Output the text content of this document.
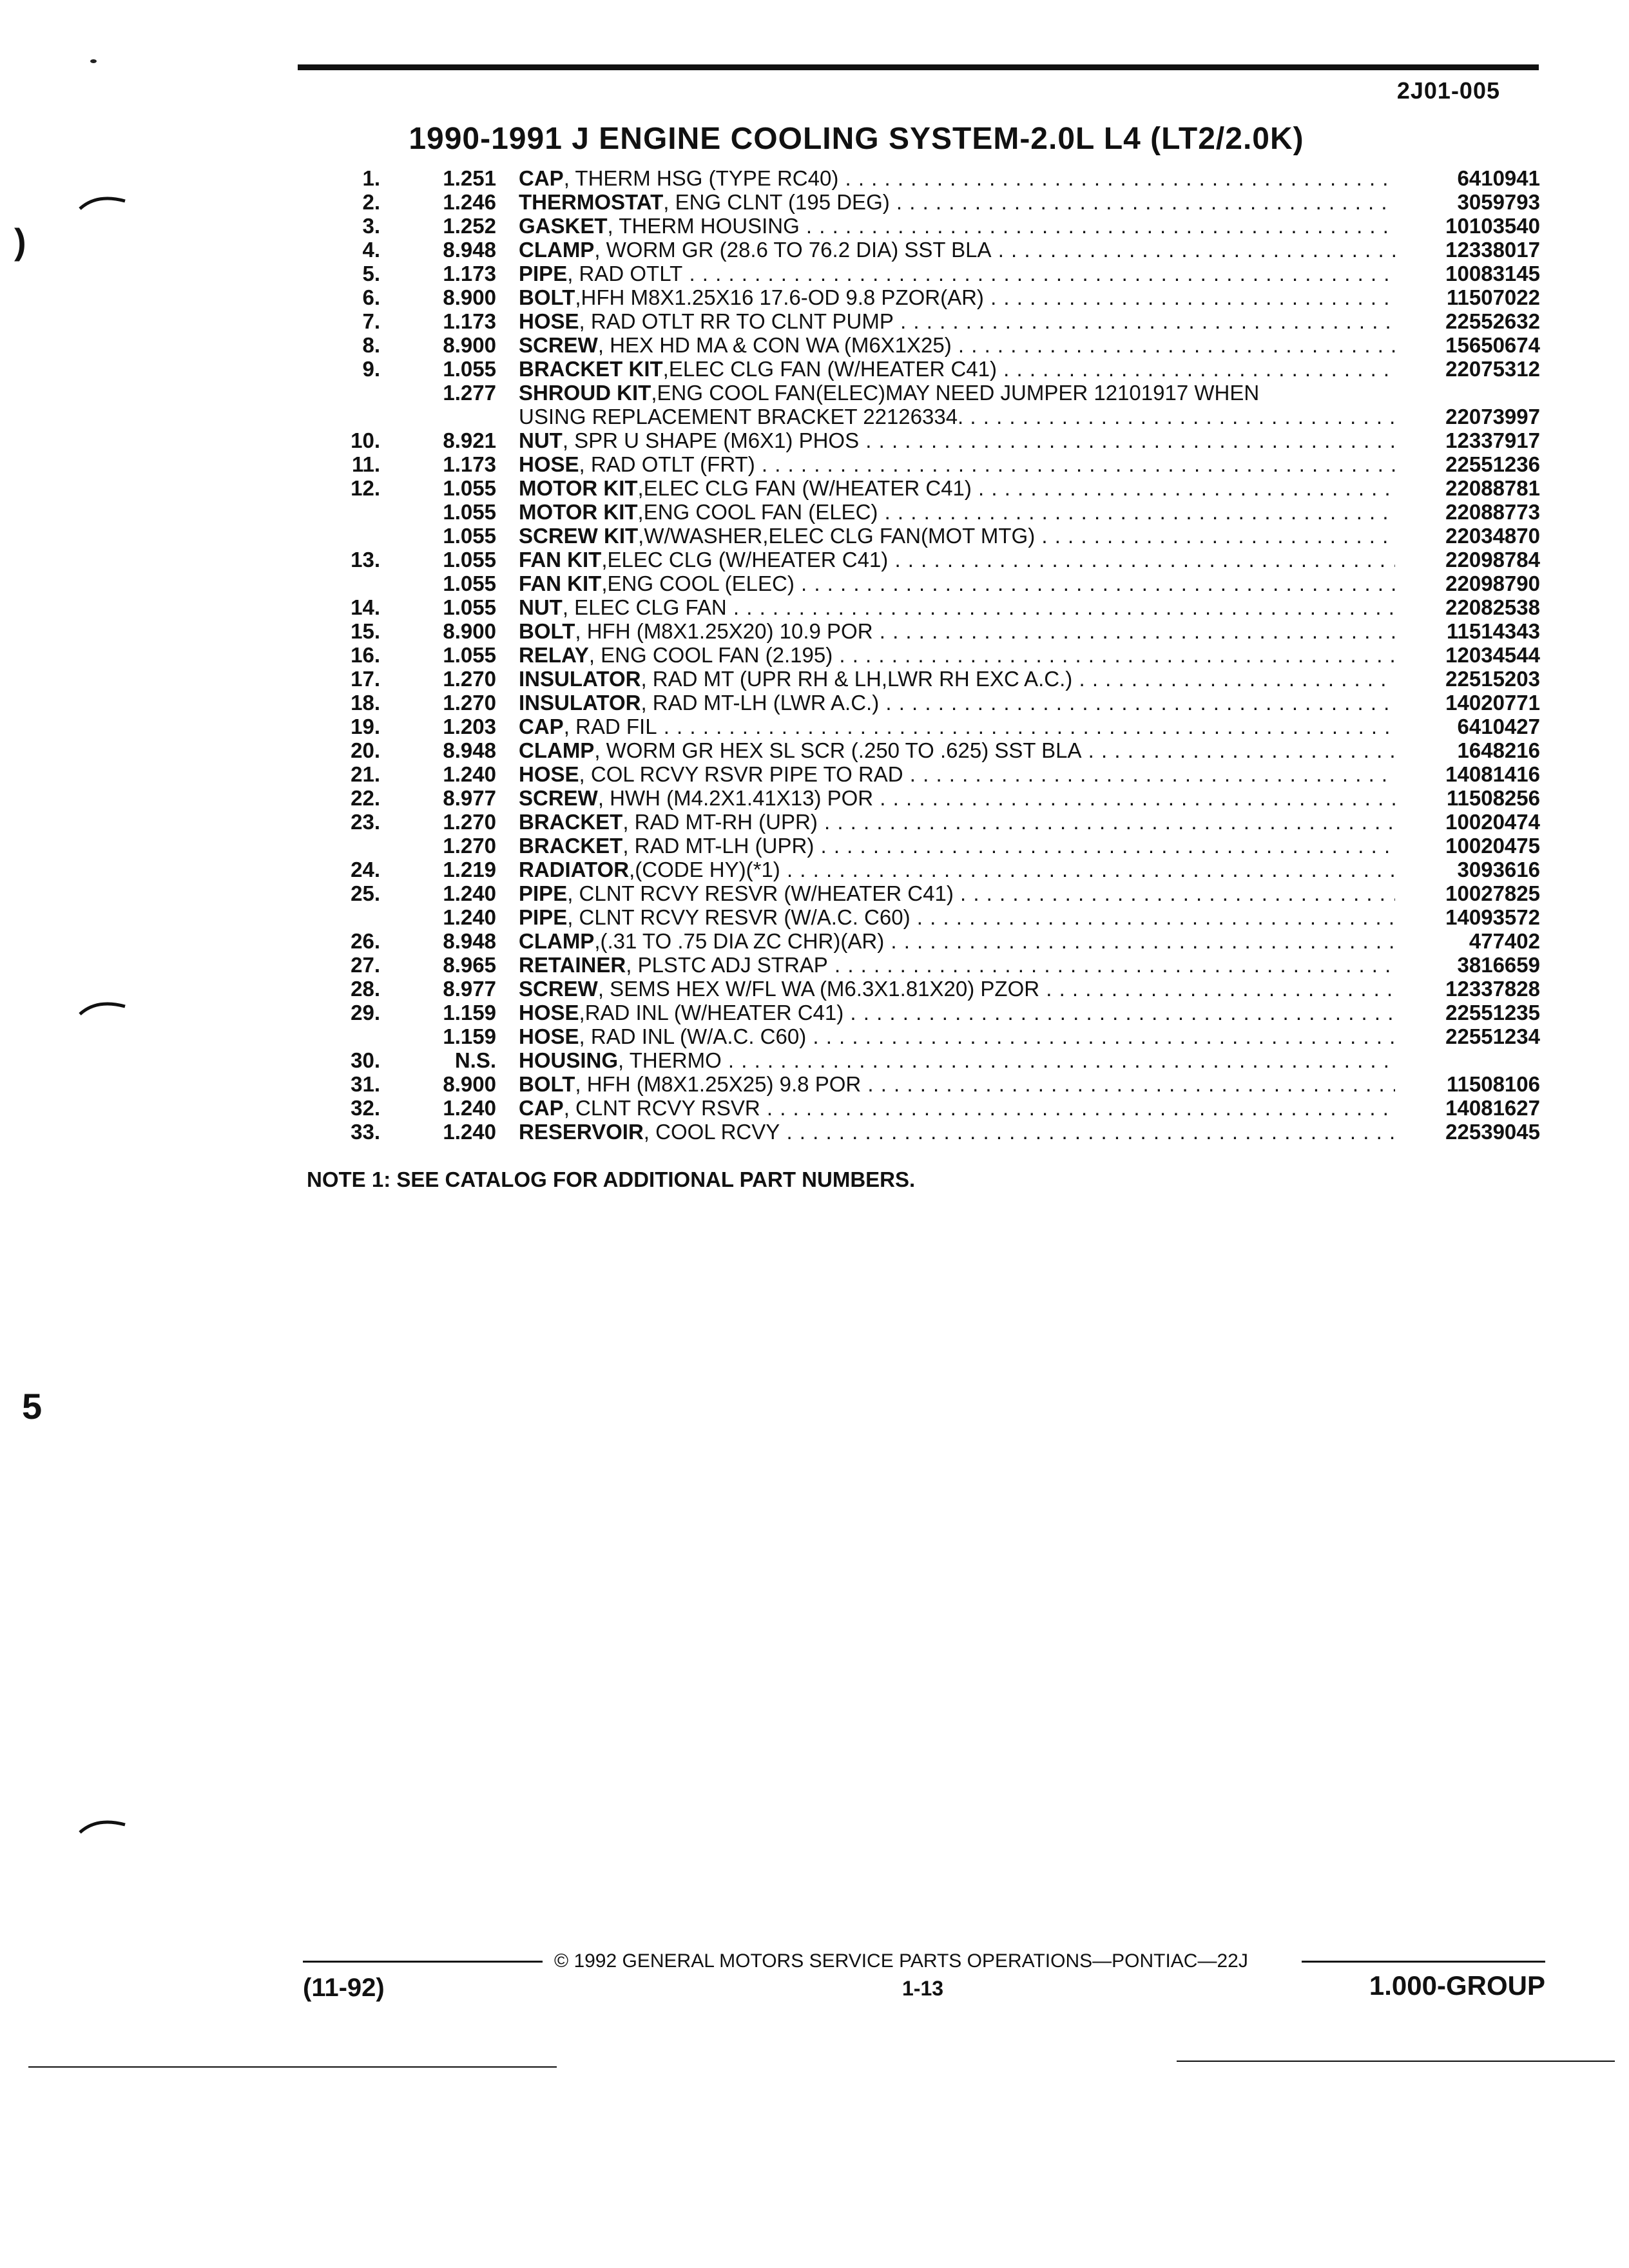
)
5
2J01-005
1990-1991 J ENGINE COOLING SYSTEM-2.0L L4 (LT2/2.0K)
1.	1.251 CAP, THERM HSG (TYPE RC40) . . .	6410941
2.	1.246 THERMOSTAT, ENG CLNT (195 DEG) . . .	3059793
3.	1.252 GASKET, THERM HOUSING . . .	10103540
4.	8.948 CLAMP, WORM GR (28.6 TO 76.2 DIA) SST BLA . . .	12338017
5.	1.173 PIPE, RAD OTLT . . .	10083145
6.	8.900 BOLT,HFH M8X1.25X16 17.6-OD 9.8 PZOR(AR) . . .	11507022
7.	1.173 HOSE, RAD OTLT RR TO CLNT PUMP . . .	22552632
8.	8.900 SCREW, HEX HD MA & CON WA (M6X1X25) . . .	15650674
9.	1.055 BRACKET KIT,ELEC CLG FAN (W/HEATER C41) . . .	22075312
1.277 SHROUD KIT,ENG COOL FAN(ELEC)MAY NEED JUMPER 12101917 WHEN
USING REPLACEMENT BRACKET 22126334. . . .	22073997
10.	8.921 NUT, SPR U SHAPE (M6X1) PHOS . . .	12337917
11.	1.173 HOSE, RAD OTLT (FRT) . . .	22551236
12.	1.055 MOTOR KIT,ELEC CLG FAN (W/HEATER C41) . . .	22088781
1.055 MOTOR KIT,ENG COOL FAN (ELEC) . . .	22088773
1.055 SCREW KIT,W/WASHER,ELEC CLG FAN(MOT MTG) . . .	22034870
13.	1.055 FAN KIT,ELEC CLG (W/HEATER C41) . . .	22098784
1.055 FAN KIT,ENG COOL (ELEC) . . .	22098790
14.	1.055 NUT, ELEC CLG FAN . . .	22082538
15.	8.900 BOLT, HFH (M8X1.25X20) 10.9 POR . . .	11514343
16.	1.055 RELAY, ENG COOL FAN (2.195) . . .	12034544
17.	1.270 INSULATOR, RAD MT (UPR RH & LH,LWR RH EXC A.C.) . . .	22515203
18.	1.270 INSULATOR, RAD MT-LH (LWR A.C.) . . .	14020771
19.	1.203 CAP, RAD FIL . . .	6410427
20.	8.948 CLAMP, WORM GR HEX SL SCR (.250 TO .625) SST BLA . . .	1648216
21.	1.240 HOSE, COL RCVY RSVR PIPE TO RAD . . .	14081416
22.	8.977 SCREW, HWH (M4.2X1.41X13) POR . . .	11508256
23.	1.270 BRACKET, RAD MT-RH (UPR) . . .	10020474
1.270 BRACKET, RAD MT-LH (UPR) . . .	10020475
24.	1.219 RADIATOR,(CODE HY)(*1) . . .	3093616
25.	1.240 PIPE, CLNT RCVY RESVR (W/HEATER C41) . . .	10027825
1.240 PIPE, CLNT RCVY RESVR (W/A.C. C60) . . .	14093572
26.	8.948 CLAMP,(.31 TO .75 DIA ZC CHR)(AR) . . .	477402
27.	8.965 RETAINER, PLSTC ADJ STRAP . . .	3816659
28.	8.977 SCREW, SEMS HEX W/FL WA (M6.3X1.81X20) PZOR . . .	12337828
29.	1.159 HOSE,RAD INL (W/HEATER C41) . . .	22551235
1.159 HOSE, RAD INL (W/A.C. C60) . . .	22551234
30.	N.S. HOUSING, THERMO . . .
31.	8.900 BOLT, HFH (M8X1.25X25) 9.8 POR . . .	11508106
32.	1.240 CAP, CLNT RCVY RSVR . . .	14081627
33.	1.240 RESERVOIR, COOL RCVY . . .	22539045
NOTE 1: SEE CATALOG FOR ADDITIONAL PART NUMBERS.
© 1992 GENERAL MOTORS SERVICE PARTS OPERATIONS—PONTIAC—22J
(11-92)	1-13	1.000-GROUP
